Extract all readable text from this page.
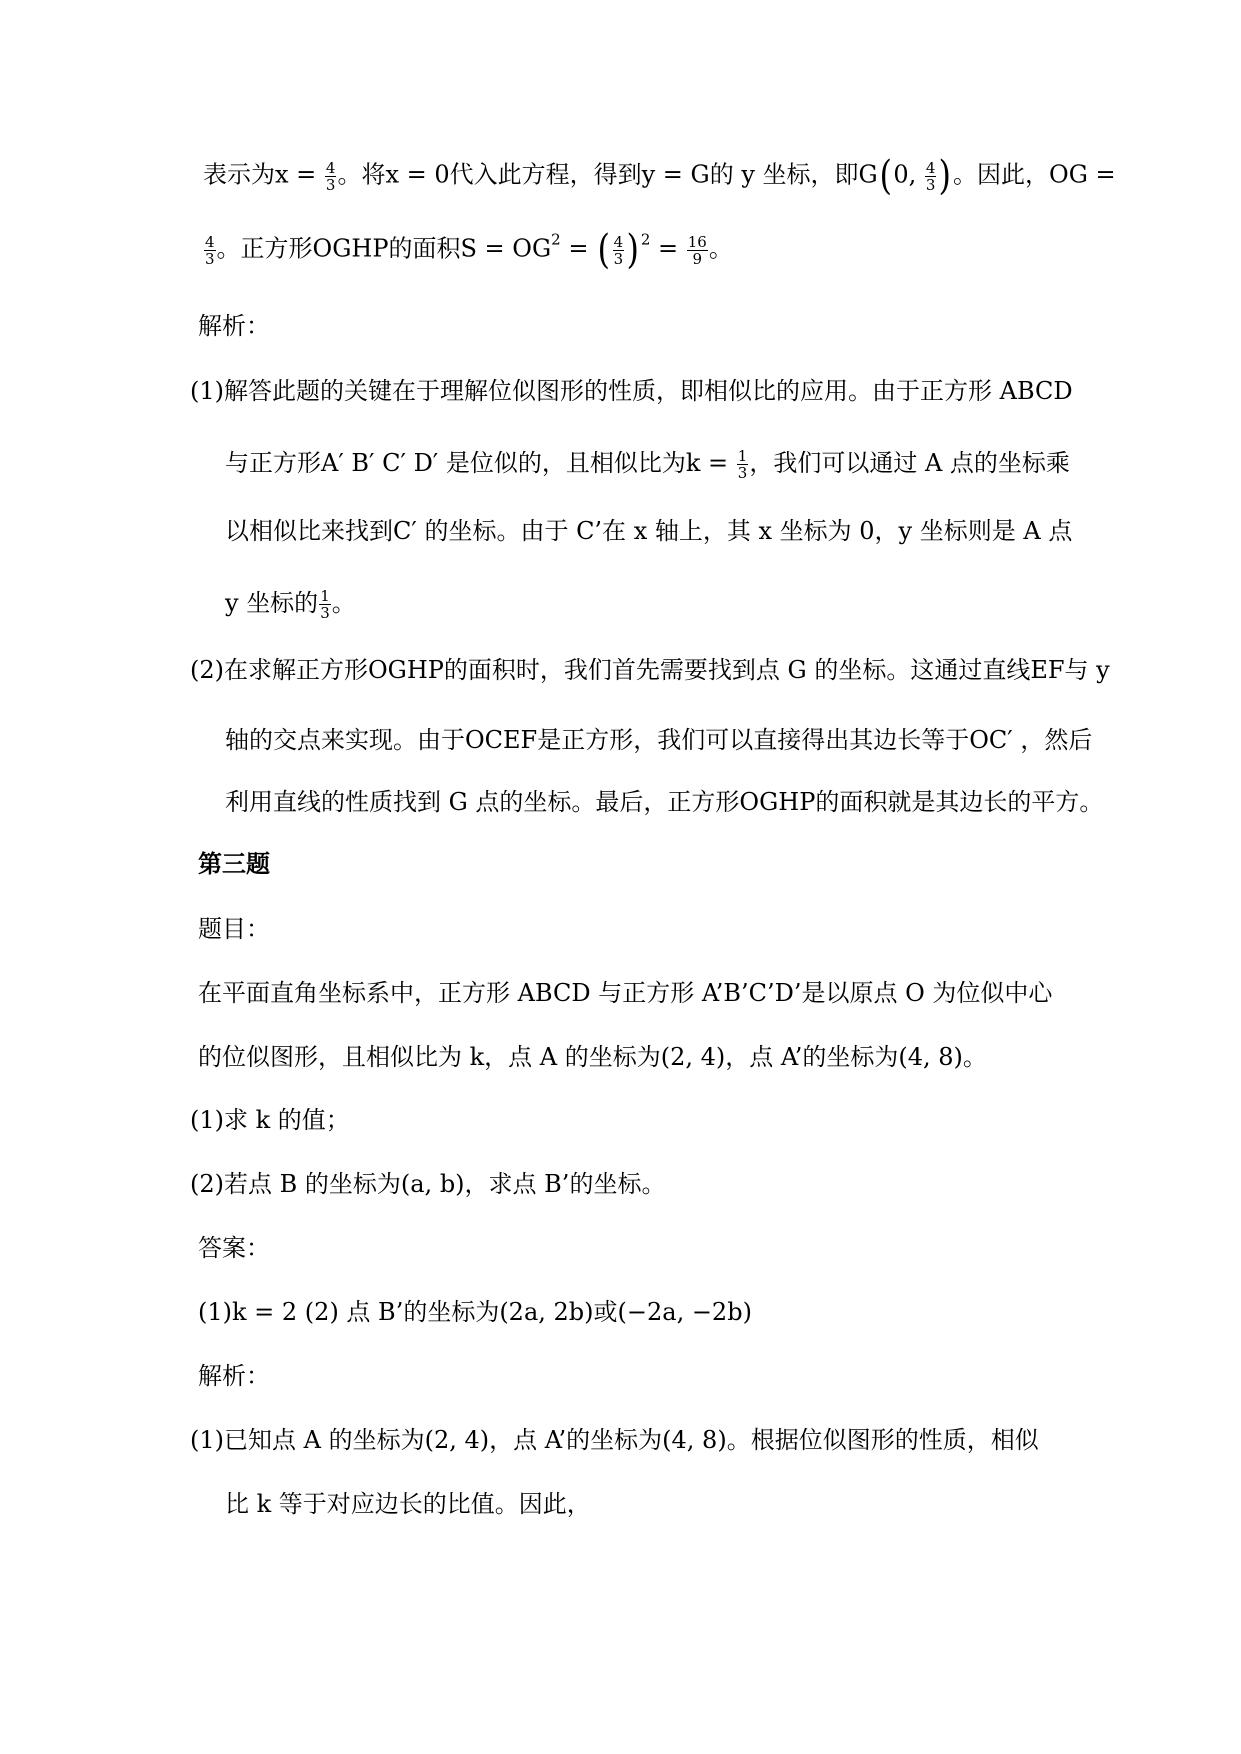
表示为$x = \frac{4}{3}$ 。将x = 0代入此方程，得到y = G的 y 坐标，即G(0, $\frac{4}{3}$ )。因此，OG =
$\frac{4}{3}$ 。正方形OGHP的面积$S = OG^2$ = ( $\frac{4}{3}$ ) $^2 = \frac{16}{9}$ 。
解析：
(1)解答此题的关键在于理解位似图形的性质，即相似比的应用。由于正方形 ABCD
与正方形A′ B′ C′ D′ 是位似的，且相似比为$k = \frac{1}{3}$ ，我们可以通过 A 点的坐标乘
以相似比来找到C′ 的坐标。由于 C’在 x 轴上，其 x 坐标为 0，y 坐标则是 A 点
y 坐标的 $\frac{1}{3}$ 。
(2)在求解正方形OGHP的面积时，我们首先需要找到点 G 的坐标。这通过直线EF与 y
轴的交点来实现。由于OCEF是正方形，我们可以直接得出其边长等于OC′ ，然后
利用直线的性质找到 G 点的坐标。最后，正方形OGHP的面积就是其边长的平方。
第三题
题目：
在平面直角坐标系中，正方形 ABCD 与正方形 A’B’C’D’是以原点 O 为位似中心
的位似图形，且相似比为 k，点 A 的坐标为(2, 4)，点 A’的坐标为(4, 8)。
(1)求 k 的值；
(2)若点 B 的坐标为(a, b)，求点 B’的坐标。
答案：
(1)k = 2 (2) 点 B’的坐标为(2a, 2b)或(−2a, −2b)
解析：
(1)已知点 A 的坐标为(2, 4)，点 A’的坐标为(4, 8)。根据位似图形的性质，相似
比 k 等于对应边长的比值。因此，
